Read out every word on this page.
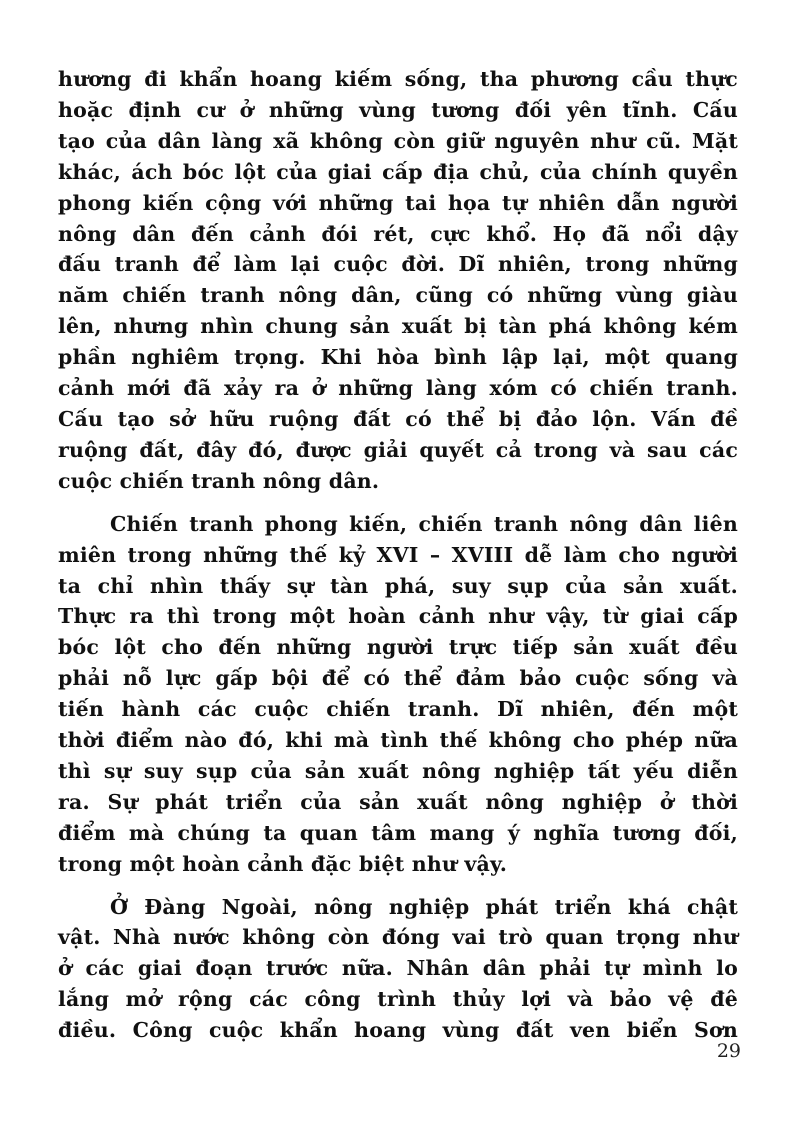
hương đi khẩn hoang kiếm sống, tha phương cầu thực
hoặc định cư ở những vùng tương đối yên tĩnh. Cấu
tạo của dân làng xã không còn giữ nguyên như cũ. Mặt
khác, ách bóc lột của giai cấp địa chủ, của chính quyền
phong kiến cộng với những tai họa tự nhiên dẫn người
nông dân đến cảnh đói rét, cực khổ. Họ đã nổi dậy
đấu tranh để làm lại cuộc đời. Dĩ nhiên, trong những
năm chiến tranh nông dân, cũng có những vùng giàu
lên, nhưng nhìn chung sản xuất bị tàn phá không kém
phần nghiêm trọng. Khi hòa bình lập lại, một quang
cảnh mới đã xảy ra ở những làng xóm có chiến tranh.
Cấu tạo sở hữu ruộng đất có thể bị đảo lộn. Vấn đề
ruộng đất, đây đó, được giải quyết cả trong và sau các
cuộc chiến tranh nông dân.

Chiến tranh phong kiến, chiến tranh nông dân liên
miên trong những thế kỷ XVI – XVIII dễ làm cho người
ta chỉ nhìn thấy sự tàn phá, suy sụp của sản xuất.
Thực ra thì trong một hoàn cảnh như vậy, từ giai cấp
bóc lột cho đến những người trực tiếp sản xuất đều
phải nỗ lực gấp bội để có thể đảm bảo cuộc sống và
tiến hành các cuộc chiến tranh. Dĩ nhiên, đến một
thời điểm nào đó, khi mà tình thế không cho phép nữa
thì sự suy sụp của sản xuất nông nghiệp tất yếu diễn
ra. Sự phát triển của sản xuất nông nghiệp ở thời
điểm mà chúng ta quan tâm mang ý nghĩa tương đối,
trong một hoàn cảnh đặc biệt như vậy.

Ở Đàng Ngoài, nông nghiệp phát triển khá chật
vật. Nhà nước không còn đóng vai trò quan trọng như
ở các giai đoạn trước nữa. Nhân dân phải tự mình lo
lắng mở rộng các công trình thủy lợi và bảo vệ đê
điều. Công cuộc khẩn hoang vùng đất ven biển Sơn

29
